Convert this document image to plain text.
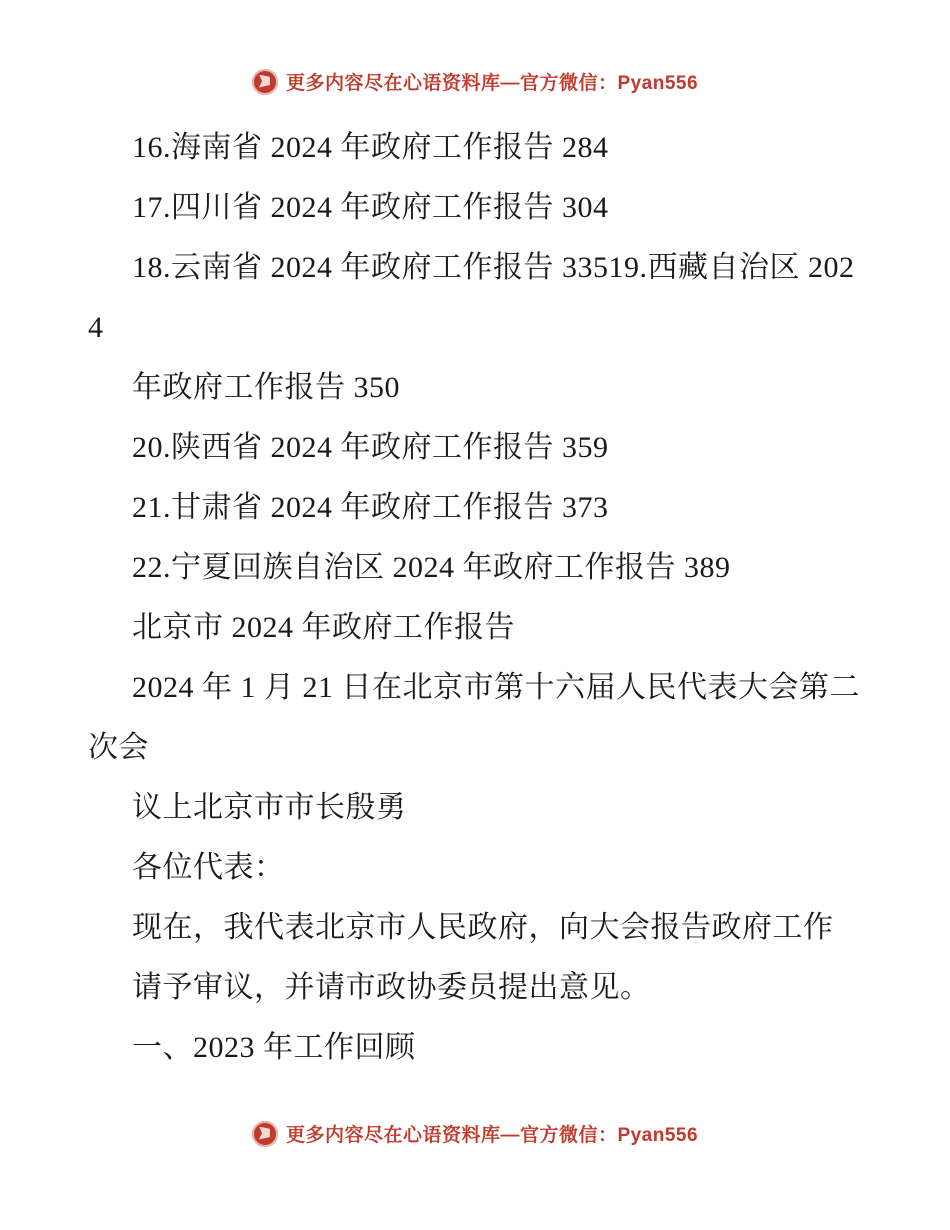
更多内容尽在心语资料库—官方微信：Pyan556

16.海南省 2024 年政府工作报告 284

17.四川省 2024 年政府工作报告 304

18.云南省 2024 年政府工作报告 33519.西藏自治区 2024

年政府工作报告 350

20.陕西省 2024 年政府工作报告 359

21.甘肃省 2024 年政府工作报告 373

22.宁夏回族自治区 2024 年政府工作报告 389

北京市 2024 年政府工作报告

2024 年 1 月 21 日在北京市第十六届人民代表大会第二次会

议上北京市市长殷勇

各位代表：

现在，我代表北京市人民政府，向大会报告政府工作

请予审议，并请市政协委员提出意见。

一、2023 年工作回顾

更多内容尽在心语资料库—官方微信：Pyan556
